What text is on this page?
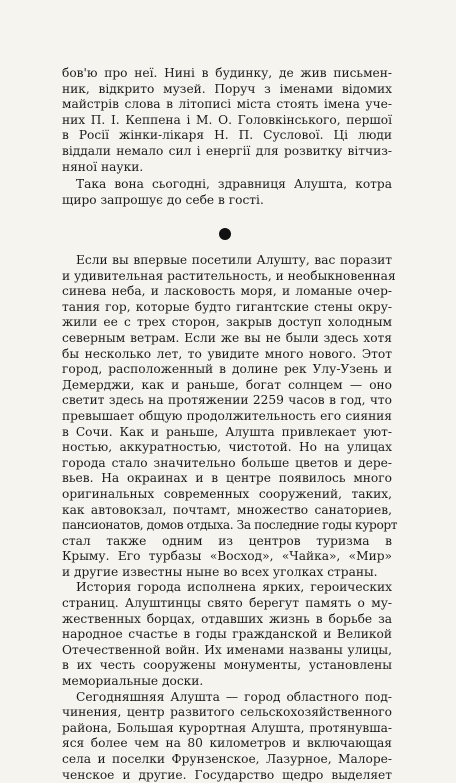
бов'ю про неї. Нині в будинку, де жив письмен-
ник, відкрито музей. Поруч з іменами відомих
майстрів слова в літописі міста стоять імена уче-
них П. І. Кеппена і М. О. Головкінського, першої
в Росії жінки-лікаря Н. П. Суслової. Ці люди
віддали немало сил і енергії для розвитку вітчиз-
няної науки.

Така вона сьогодні, здравниця Алушта, котра
щиро запрошує до себе в гості.

Если вы впервые посетили Алушту, вас поразит
и удивительная растительность, и необыкновенная
синева неба, и ласковость моря, и ломаные очер-
тания гор, которые будто гигантские стены окру-
жили ее с трех сторон, закрыв доступ холодным
северным ветрам. Если же вы не были здесь хотя
бы несколько лет, то увидите много нового. Этот
город, расположенный в долине рек Улу-Узень и
Демерджи, как и раньше, богат солнцем — оно
светит здесь на протяжении 2259 часов в год, что
превышает общую продолжительность его сияния
в Сочи. Как и раньше, Алушта привлекает уют-
ностью, аккуратностью, чистотой. Но на улицах
города стало значительно больше цветов и дере-
вьев. На окраинах и в центре появилось много
оригинальных современных сооружений, таких,
как автовокзал, почтамт, множество санаториев,
пансионатов, домов отдыха. За последние годы курорт
стал также одним из центров туризма в
Крыму. Его турбазы «Восход», «Чайка», «Мир»
и другие известны ныне во всех уголках страны.

История города исполнена ярких, героических
страниц. Алуштинцы свято берегут память о му-
жественных борцах, отдавших жизнь в борьбе за
народное счастье в годы гражданской и Великой
Отечественной войн. Их именами названы улицы,
в их честь сооружены монументы, установлены
мемориальные доски.

Сегодняшняя Алушта — город областного под-
чинения, центр развитого сельскохозяйственного
района, Большая курортная Алушта, протянувша-
яся более чем на 80 километров и включающая
села и поселки Фрунзенское, Лазурное, Малоре-
ченское и другие. Государство щедро выделяет
